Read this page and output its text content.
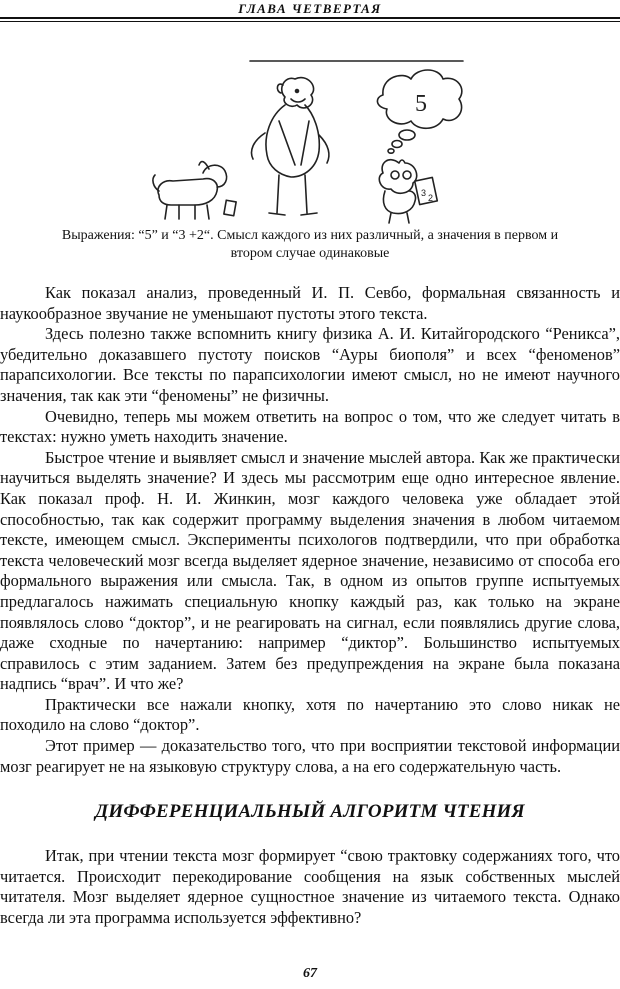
ГЛАВА ЧЕТВЕРТАЯ
5
3 2
Выражения: “5” и “3 +2“. Смысл каждого из них различный, а значения в первом и
втором случае одинаковые

Как показал анализ, проведенный И. П. Севбо, формальная связанность и наукообразное звучание не уменьшают пустоты этого текста.

Здесь полезно также вспомнить книгу физика А. И. Китайгородского “Реникса”, убедительно доказавшего пустоту поисков “Ауры биополя” и всех “феноменов” парапсихологии. Все тексты по парапсихологии имеют смысл, но не имеют научного значения, так как эти “феномены” не физичны.

Очевидно, теперь мы можем ответить на вопрос о том, что же следует читать в текстах: нужно уметь находить значение.

Быстрое чтение и выявляет смысл и значение мыслей автора. Как же практически научиться выделять значение? И здесь мы рассмотрим еще одно интересное явление. Как показал проф. Н. И. Жинкин, мозг каждого человека уже обладает этой способностью, так как содержит программу выделения значения в любом читаемом тексте, имеющем смысл. Эксперименты психологов подтвердили, что при обработка текста человеческий мозг всегда выделяет ядерное значение, независимо от способа его формального выражения или смысла. Так, в одном из опытов группе испытуемых предлагалось нажимать специальную кнопку каждый раз, как только на экране появлялось слово “доктор”, и не реагировать на сигнал, если появлялись другие слова, даже сходные по начертанию: например “диктор”. Большинство испытуемых справилось с этим заданием. Затем без предупреждения на экране была показана надпись “врач”. И что же?

Практически все нажали кнопку, хотя по начертанию это слово никак не походило на слово “доктор”.

Этот пример — доказательство того, что при восприятии текстовой информации мозг реагирует не на языковую структуру слова, а на его содержательную часть.

ДИФФЕРЕНЦИАЛЬНЫЙ АЛГОРИТМ ЧТЕНИЯ

Итак, при чтении текста мозг формирует “свою трактовку содержаниях того, что читается. Происходит перекодирование сообщения на язык собственных мыслей читателя. Мозг выделяет ядерное сущностное значение из читаемого текста. Однако всегда ли эта программа используется эффективно?

67
